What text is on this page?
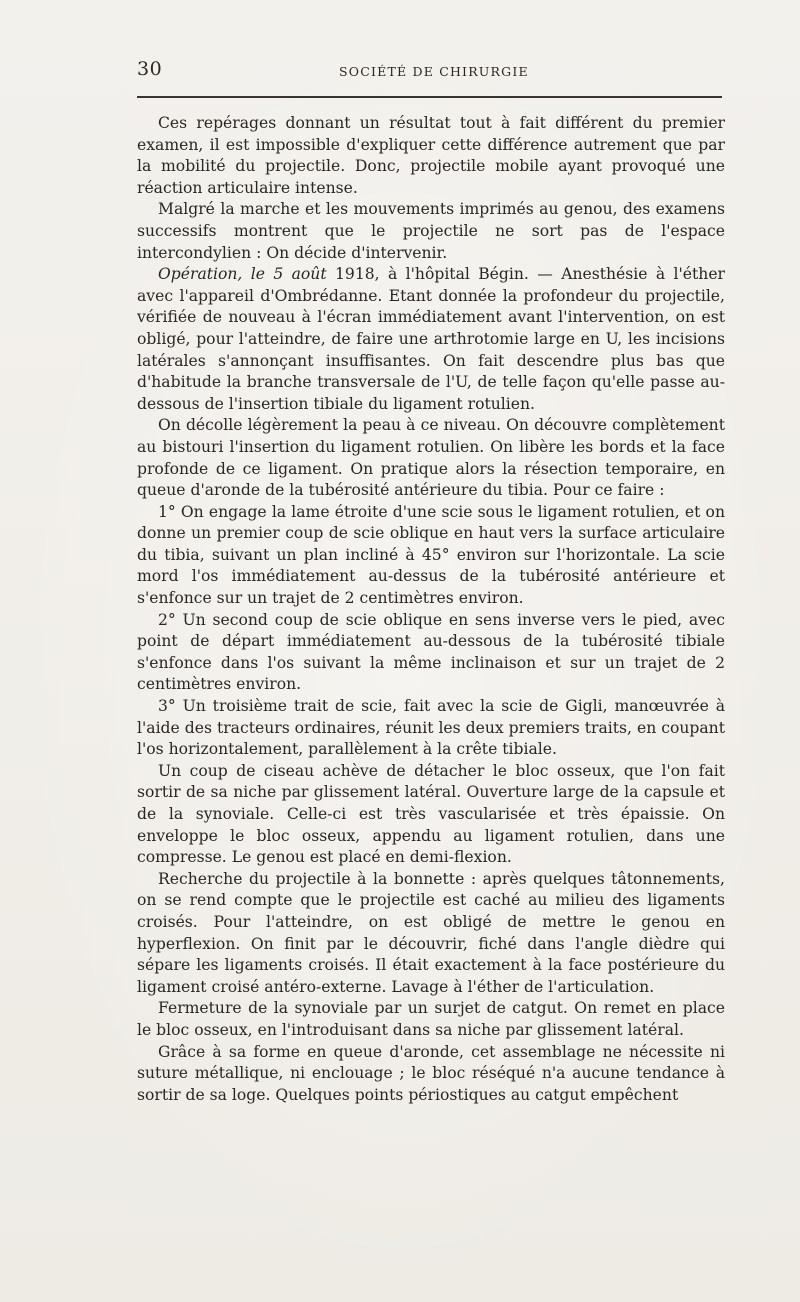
30	SOCIÉTÉ DE CHIRURGIE

Ces repérages donnant un résultat tout à fait différent du premier examen, il est impossible d'expliquer cette différence autrement que par la mobilité du projectile. Donc, projectile mobile ayant provoqué une réaction articulaire intense.

Malgré la marche et les mouvements imprimés au genou, des examens successifs montrent que le projectile ne sort pas de l'espace intercondylien : On décide d'intervenir.

Opération, le 5 août 1918, à l'hôpital Bégin. — Anesthésie à l'éther avec l'appareil d'Ombrédanne. Etant donnée la profondeur du projectile, vérifiée de nouveau à l'écran immédiatement avant l'intervention, on est obligé, pour l'atteindre, de faire une arthrotomie large en U, les incisions latérales s'annonçant insuffisantes. On fait descendre plus bas que d'habitude la branche transversale de l'U, de telle façon qu'elle passe au-dessous de l'insertion tibiale du ligament rotulien.

On décolle légèrement la peau à ce niveau. On découvre complètement au bistouri l'insertion du ligament rotulien. On libère les bords et la face profonde de ce ligament. On pratique alors la résection temporaire, en queue d'aronde de la tubérosité antérieure du tibia. Pour ce faire :

1° On engage la lame étroite d'une scie sous le ligament rotulien, et on donne un premier coup de scie oblique en haut vers la surface articulaire du tibia, suivant un plan incliné à 45° environ sur l'horizontale. La scie mord l'os immédiatement au-dessus de la tubérosité antérieure et s'enfonce sur un trajet de 2 centimètres environ.

2° Un second coup de scie oblique en sens inverse vers le pied, avec point de départ immédiatement au-dessous de la tubérosité tibiale s'enfonce dans l'os suivant la même inclinaison et sur un trajet de 2 centimètres environ.

3° Un troisième trait de scie, fait avec la scie de Gigli, manœuvrée à l'aide des tracteurs ordinaires, réunit les deux premiers traits, en coupant l'os horizontalement, parallèlement à la crête tibiale.

Un coup de ciseau achève de détacher le bloc osseux, que l'on fait sortir de sa niche par glissement latéral. Ouverture large de la capsule et de la synoviale. Celle-ci est très vascularisée et très épaissie. On enveloppe le bloc osseux, appendu au ligament rotulien, dans une compresse. Le genou est placé en demi-flexion.

Recherche du projectile à la bonnette : après quelques tâtonnements, on se rend compte que le projectile est caché au milieu des ligaments croisés. Pour l'atteindre, on est obligé de mettre le genou en hyperflexion. On finit par le découvrir, fiché dans l'angle dièdre qui sépare les ligaments croisés. Il était exactement à la face postérieure du ligament croisé antéro-externe. Lavage à l'éther de l'articulation.

Fermeture de la synoviale par un surjet de catgut. On remet en place le bloc osseux, en l'introduisant dans sa niche par glissement latéral.

Grâce à sa forme en queue d'aronde, cet assemblage ne nécessite ni suture métallique, ni enclouage ; le bloc réséqué n'a aucune tendance à sortir de sa loge. Quelques points périostiques au catgut empêchent
